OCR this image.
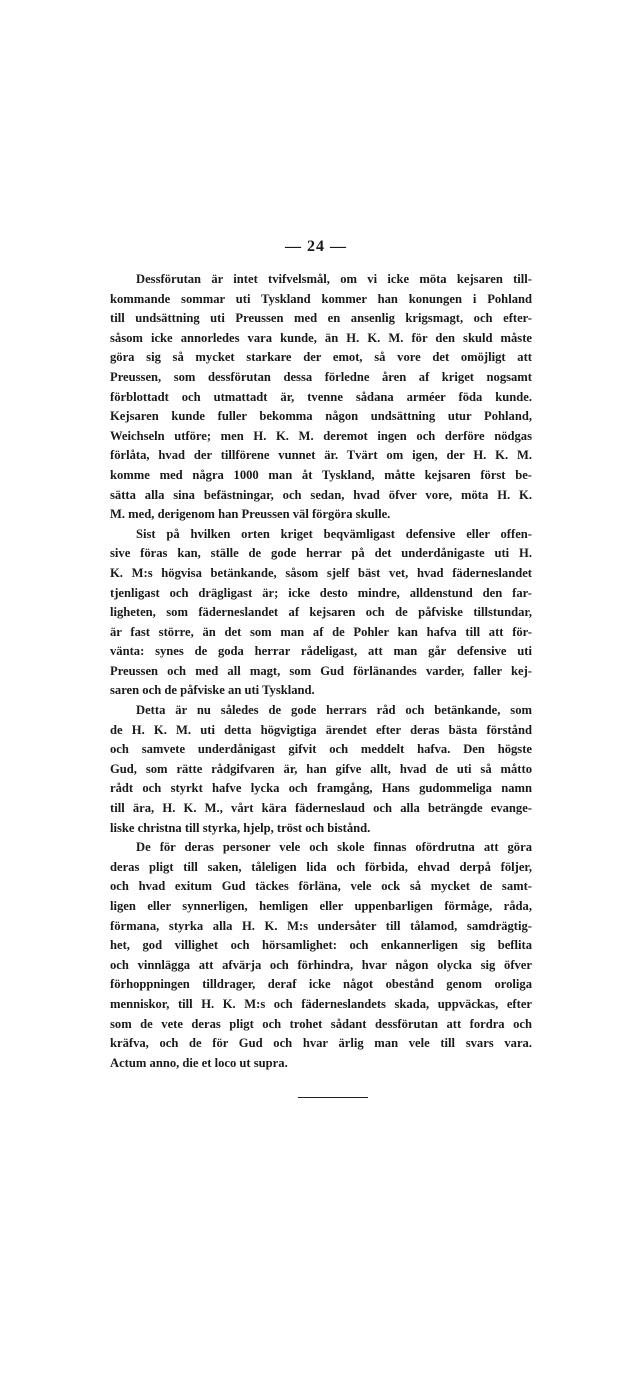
— 24 —

Dessförutan är intet tvifvelsmål, om vi icke möta kejsaren till-
kommande sommar uti Tyskland kommer han konungen i Pohland
till undsättning uti Preussen med en ansenlig krigsmagt, och efter-
såsom icke annorledes vara kunde, än H. K. M. för den skuld måste
göra sig så mycket starkare der emot, så vore det omöjligt att
Preussen, som dessförutan dessa förledne åren af kriget nogsamt
förblottadt och utmattadt är, tvenne sådana arméer föda kunde.
Kejsaren kunde fuller bekomma någon undsättning utur Pohland,
Weichseln utföre; men H. K. M. deremot ingen och derföre nödgas
förlåta, hvad der tillförene vunnet är. Tvärt om igen, der H. K. M.
komme med några 1000 man åt Tyskland, måtte kejsaren först be-
sätta alla sina befästningar, och sedan, hvad öfver vore, möta H. K.
M. med, derigenom han Preussen väl förgöra skulle.
Sist på hvilken orten kriget beqvämligast defensive eller offen-
sive föras kan, ställe de gode herrar på det underdånigaste uti H.
K. M:s högvisa betänkande, såsom sjelf bäst vet, hvad fäderneslandet
tjenligast och drägligast är; icke desto mindre, alldenstund den far-
ligheten, som fäderneslandet af kejsaren och de påfviske tillstundar,
är fast större, än det som man af de Pohler kan hafva till att för-
vänta: synes de goda herrar rådeligast, att man går defensive uti
Preussen och med all magt, som Gud förlänandes varder, faller kej-
saren och de påfviske an uti Tyskland.
Detta är nu således de gode herrars råd och betänkande, som
de H. K. M. uti detta högvigtiga ärendet efter deras bästa förstånd
och samvete underdånigast gifvit och meddelt hafva. Den högste
Gud, som rätte rådgifvaren är, han gifve allt, hvad de uti så måtto
rådt och styrkt hafve lycka och framgång, Hans gudommeliga namn
till ära, H. K. M., vårt kära fäderneslaud och alla beträngde evange-
liske christna till styrka, hjelp, tröst och bistånd.
De för deras personer vele och skole finnas ofördrutna att göra
deras pligt till saken, tåleligen lida och förbida, ehvad derpå följer,
och hvad exitum Gud täckes förläna, vele ock så mycket de samt-
ligen eller synnerligen, hemligen eller uppenbarligen förmåge, råda,
förmana, styrka alla H. K. M:s undersåter till tålamod, samdrägtig-
het, god villighet och hörsamlighet: och enkannerligen sig beflita
och vinnlägga att afvärja och förhindra, hvar någon olycka sig öfver
förhoppningen tilldrager, deraf icke något obestånd genom oroliga
menniskor, till H. K. M:s och fäderneslandets skada, uppväckas, efter
som de vete deras pligt och trohet sådant dessförutan att fordra och
kräfva, och de för Gud och hvar ärlig man vele till svars vara.
Actum anno, die et loco ut supra.
